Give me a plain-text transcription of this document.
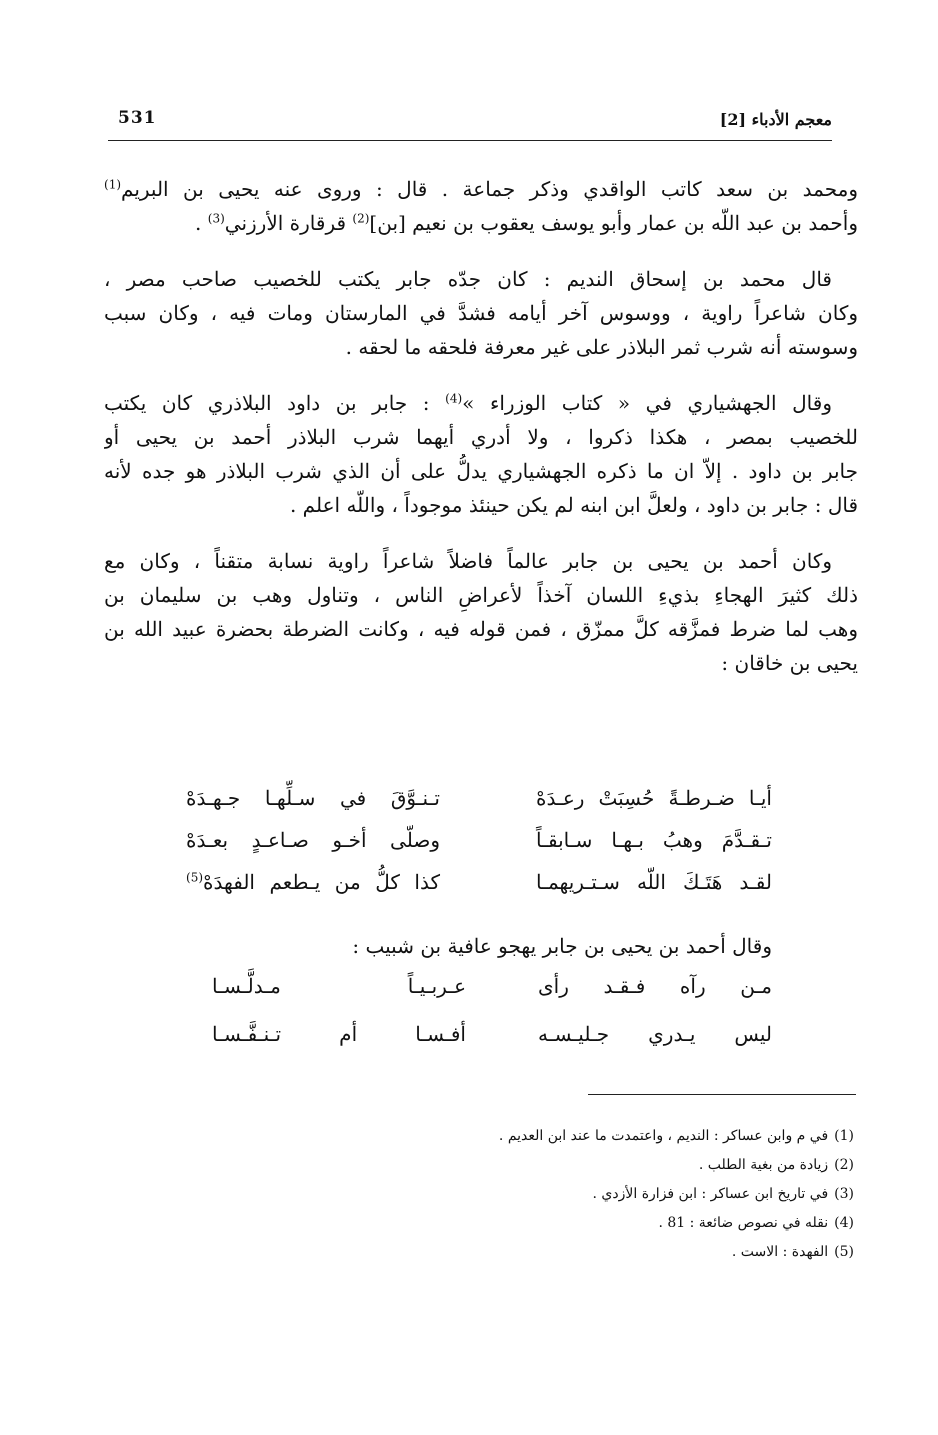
معجم الأدباء [2]
531
ومحمد بن سعد كاتب الواقدي وذكر جماعة . قال : وروى عنه يحيى بن البريم$^{(1)}$
وأحمد بن عبد اللّه بن عمار وأبو يوسف يعقوب بن نعيم [بن]$^{(2)}$ قرقارة الأرزني$^{(3)}$ .
قال محمد بن إسحاق النديم : كان جدّه جابر يكتب للخصيب صاحب مصر ،
وكان شاعراً راوية ، ووسوس آخر أيامه فشدَّ في المارستان ومات فيه ، وكان سبب
وسوسته أنه شرب ثمر البلاذر على غير معرفة فلحقه ما لحقه .
وقال الجهشياري في « كتاب الوزراء »$^{(4)}$ : جابر بن داود البلاذري كان يكتب
للخصيب بمصر ، هكذا ذكروا ، ولا أدري أيهما شرب البلاذر أحمد بن يحيى أو
جابر بن داود . إلاّ ان ما ذكره الجهشياري يدلُّ على أن الذي شرب البلاذر هو جده لأنه
قال : جابر بن داود ، ولعلَّ ابن ابنه لم يكن حينئذ موجوداً ، واللّه اعلم .
وكان أحمد بن يحيى بن جابر عالماً فاضلاً شاعراً راوية نسابة متقناً ، وكان مع
ذلك كثيرَ الهجاءِ بذيءِ اللسان آخذاً لأعراضِ الناس ، وتناول وهب بن سليمان بن
وهب لما ضرط فمزَّقه كلَّ ممزّق ، فمن قوله فيه ، وكانت الضرطة بحضرة عبيد الله بن
يحيى بن خاقان :
أيـا ضـرطـةً حُسِبَتْ رعـدَهْ
تـنـوَّقَ في سـلِّهـا جـهـدَهْ
تـقـدَّمَ وهبُ بـهـا سـابقـاً
وصلّى أخـو صـاعـدٍ بعـدَهْ
لقـد هَتَـكَ اللّه سـتـريهمـا
كذا كلُّ من يـطعم الفهدَهْ$^{(5)}$
وقال أحمد بن يحيى بن جابر يهجو عافية بن شبيب :
مـن رآه فـقـد رأى
عـربـيـاً مـدلَّـسـا
ليس يـدري جـليـسـه
أفـسـا أم تـنـفَّـسـا
(1)في م وابن عساكر : النديم ، واعتمدت ما عند ابن العديم .
(2)زيادة من بغية الطلب .
(3)في تاريخ ابن عساكر : ابن فزارة الأزدي .
(4)نقله في نصوص ضائعة : 81 .
(5)الفهدة : الاست .
